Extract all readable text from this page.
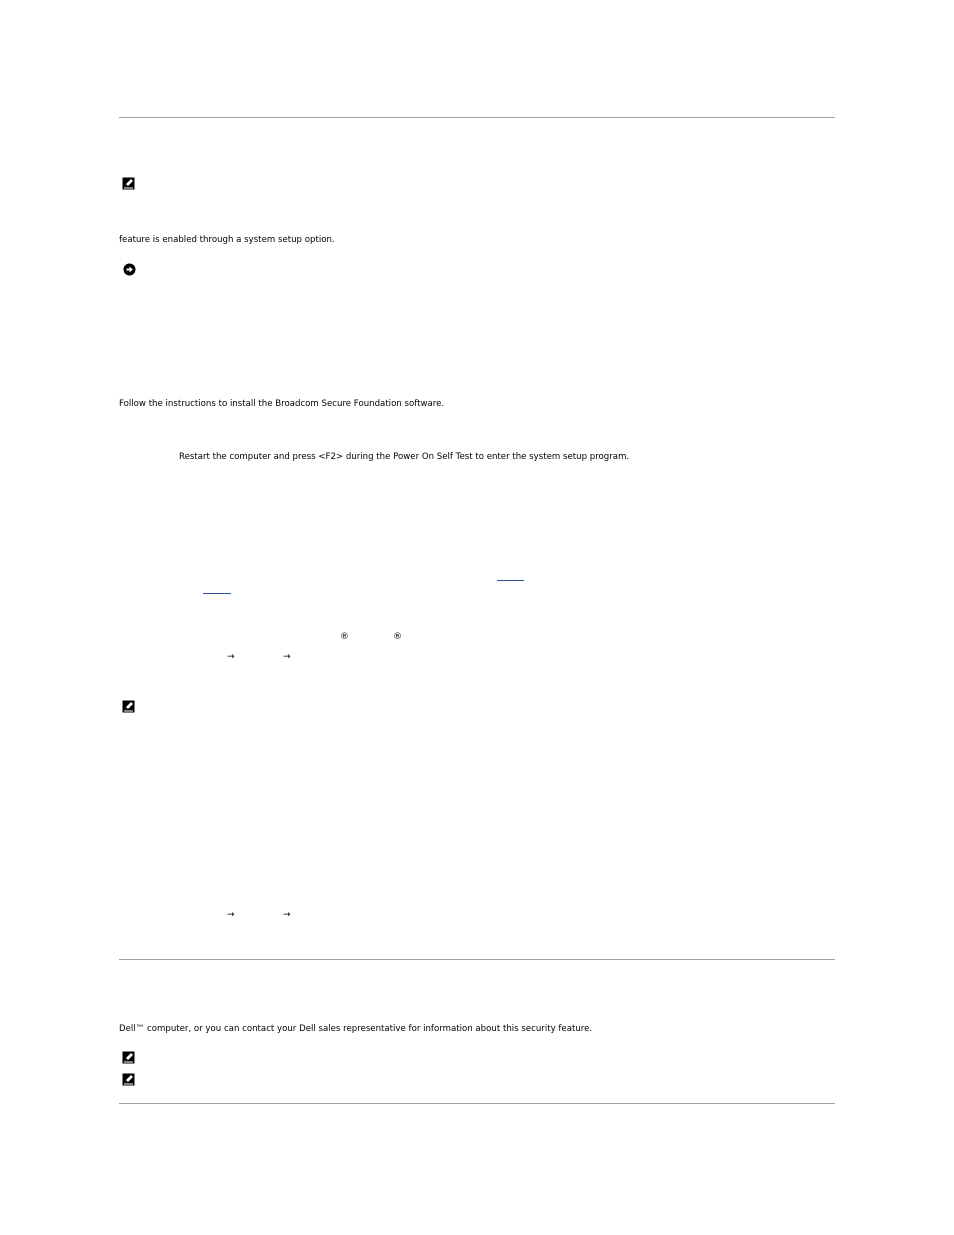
feature is enabled through a system setup option.
Follow the instructions to install the Broadcom Secure Foundation software.
Restart the computer and press <F2> during the Power On Self Test to enter the system setup program.
®	®
→	→
→	→
Dell™ computer, or you can contact your Dell sales representative for information about this security feature.
